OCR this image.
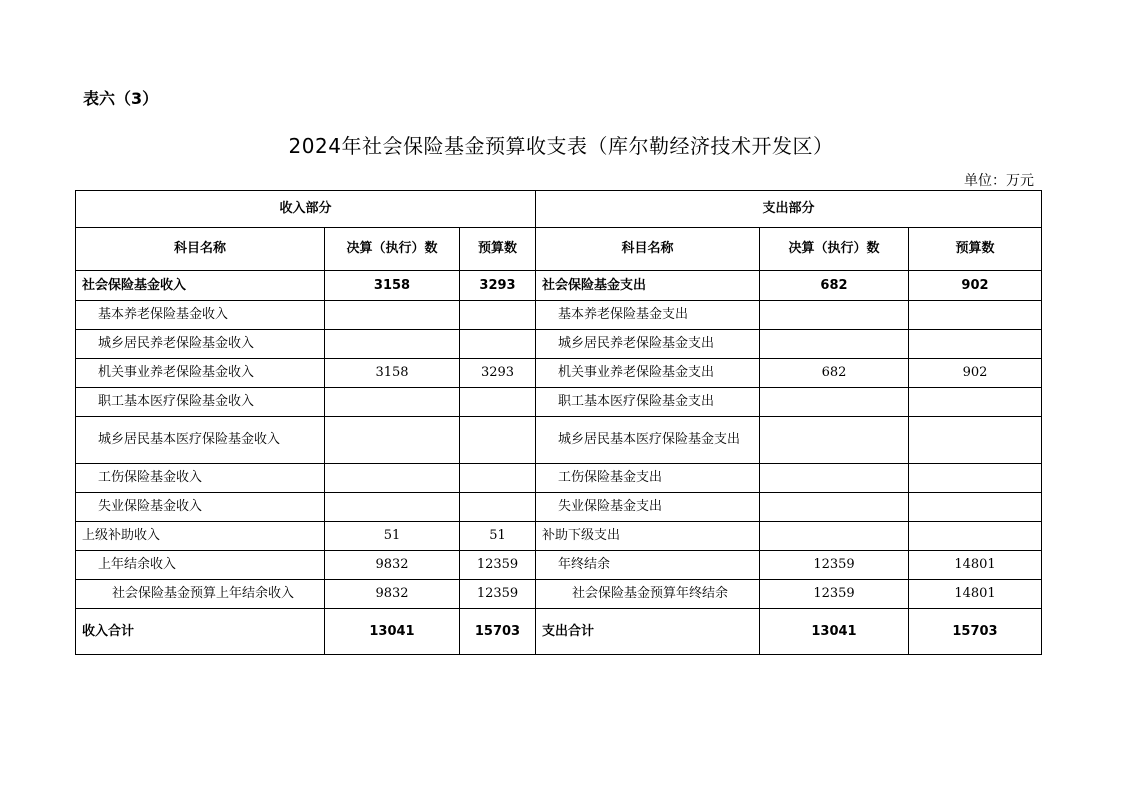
表六（3）
2024年社会保险基金预算收支表（库尔勒经济技术开发区）
单位：万元
收入部分			支出部分		
科目名称	决算（执行）数	预算数	科目名称	决算（执行）数	预算数
社会保险基金收入	3158	3293	社会保险基金支出	682	902
基本养老保险基金收入			基本养老保险基金支出		
城乡居民养老保险基金收入			城乡居民养老保险基金支出		
机关事业养老保险基金收入	3158	3293	机关事业养老保险基金支出	682	902
职工基本医疗保险基金收入			职工基本医疗保险基金支出		
城乡居民基本医疗保险基金收入			城乡居民基本医疗保险基金支出		
工伤保险基金收入			工伤保险基金支出		
失业保险基金收入			失业保险基金支出		
上级补助收入	51	51	补助下级支出		
上年结余收入	9832	12359	年终结余	12359	14801
社会保险基金预算上年结余收入	9832	12359	社会保险基金预算年终结余	12359	14801
收入合计	13041	15703	支出合计	13041	15703
